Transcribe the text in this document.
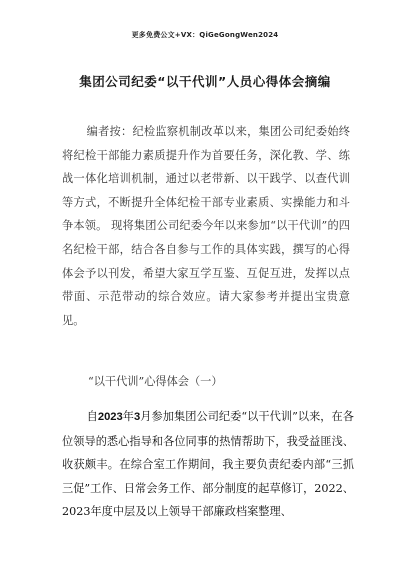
更多免费公文+VX：QiGeGongWen2024
集团公司纪委“以干代训”人员心得体会摘编

编者按：纪检监察机制改革以来，集团公司纪委始终将纪检干部能力素质提升作为首要任务，深化教、学、练战一体化培训机制，通过以老带新、以干践学、以查代训等方式，不断提升全体纪检干部专业素质、实操能力和斗争本领。 现将集团公司纪委今年以来参加“以干代训”的四名纪检干部，结合各自参与工作的具体实践，撰写的心得体会予以刊发，希望大家互学互鉴、互促互进，发挥以点带面、示范带动的综合效应。请大家参考并提出宝贵意见。

“以干代训”心得体会（一）

自2023年3月参加集团公司纪委“以干代训”以来，在各位领导的悉心指导和各位同事的热情帮助下，我受益匪浅、收获颇丰。在综合室工作期间，我主要负责纪委内部“三抓三促”工作、日常会务工作、部分制度的起草修订，2022、2023年度中层及以上领导干部廉政档案整理、
